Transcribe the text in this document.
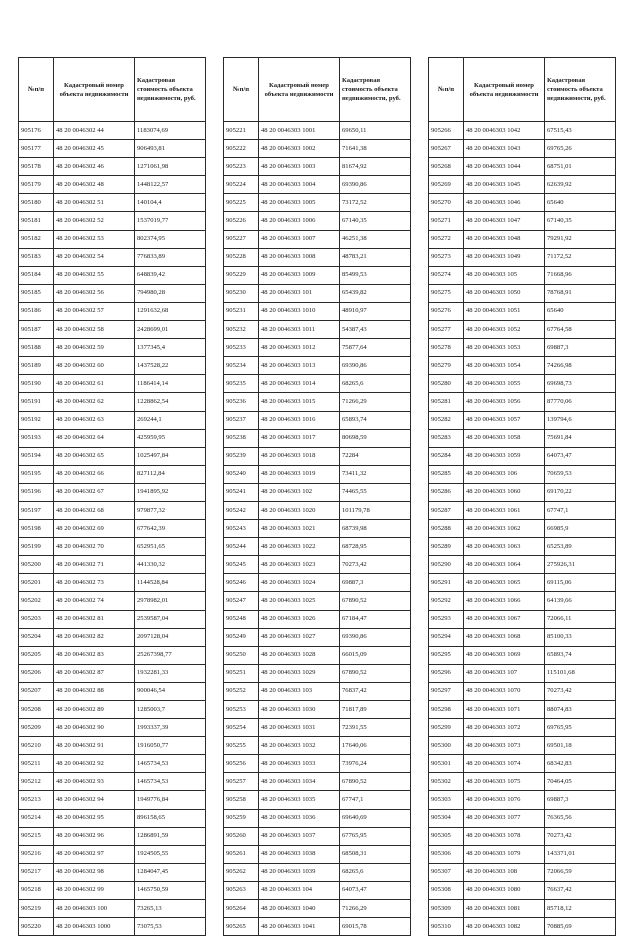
№п/п	Кадастровый номер объекта недвижимости	Кадастровая стоимость объекта недвижимости, руб.
905176	48 20 0046302 44	1183074,69
905177	48 20 0046302 45	906493,81
905178	48 20 0046302 46	1271061,98
905179	48 20 0046302 48	1448122,57
905180	48 20 0046302 51	140104,4
905181	48 20 0046302 52	1537019,77
905182	48 20 0046302 53	802374,95
905183	48 20 0046302 54	776833,89
905184	48 20 0046302 55	648839,42
905185	48 20 0046302 56	794980,28
905186	48 20 0046302 57	1291632,68
905187	48 20 0046302 58	2428699,01
905188	48 20 0046302 59	1377345,4
905189	48 20 0046302 60	1437528,22
905190	48 20 0046302 61	1186414,14
905191	48 20 0046302 62	1228862,54
905192	48 20 0046302 63	269244,1
905193	48 20 0046302 64	425959,95
905194	48 20 0046302 65	1025497,84
905195	48 20 0046302 66	827112,84
905196	48 20 0046302 67	1941895,92
905197	48 20 0046302 68	979877,32
905198	48 20 0046302 69	677642,39
905199	48 20 0046302 70	652951,65
905200	48 20 0046302 71	441330,32
905201	48 20 0046302 73	1144528,84
905202	48 20 0046302 74	2978982,01
905203	48 20 0046302 81	2539587,04
905204	48 20 0046302 82	2097128,04
905205	48 20 0046302 83	25267398,77
905206	48 20 0046302 87	1932281,33
905207	48 20 0046302 88	900046,54
905208	48 20 0046302 89	1285003,7
905209	48 20 0046302 90	1993337,39
905210	48 20 0046302 91	1916050,77
905211	48 20 0046302 92	1465734,53
905212	48 20 0046302 93	1465734,53
905213	48 20 0046302 94	1949776,84
905214	48 20 0046302 95	896158,65
905215	48 20 0046302 96	1286891,59
905216	48 20 0046302 97	1924505,55
905217	48 20 0046302 98	1284047,45
905218	48 20 0046302 99	1465750,59
905219	48 20 0046303 100	73265,13
905220	48 20 0046303 1000	73075,53
№п/п	Кадастровый номер объекта недвижимости	Кадастровая стоимость объекта недвижимости, руб.
905221	48 20 0046303 1001	69650,11
905222	48 20 0046303 1002	71641,38
905223	48 20 0046303 1003	81674,92
905224	48 20 0046303 1004	69390,86
905225	48 20 0046303 1005	73172,52
905226	48 20 0046303 1006	67140,35
905227	48 20 0046303 1007	46251,38
905228	48 20 0046303 1008	48783,21
905229	48 20 0046303 1009	85499,53
905230	48 20 0046303 101	65439,82
905231	48 20 0046303 1010	48910,97
905232	48 20 0046303 1011	54387,43
905233	48 20 0046303 1012	75877,64
905234	48 20 0046303 1013	69390,86
905235	48 20 0046303 1014	68265,6
905236	48 20 0046303 1015	71266,29
905237	48 20 0046303 1016	65893,74
905238	48 20 0046303 1017	80698,59
905239	48 20 0046303 1018	72284
905240	48 20 0046303 1019	73411,32
905241	48 20 0046303 102	74465,55
905242	48 20 0046303 1020	101179,78
905243	48 20 0046303 1021	68739,98
905244	48 20 0046303 1022	68728,95
905245	48 20 0046303 1023	70273,42
905246	48 20 0046303 1024	69887,3
905247	48 20 0046303 1025	67890,52
905248	48 20 0046303 1026	67184,47
905249	48 20 0046303 1027	69390,86
905250	48 20 0046303 1028	66015,09
905251	48 20 0046303 1029	67890,52
905252	48 20 0046303 103	76837,42
905253	48 20 0046303 1030	71817,89
905254	48 20 0046303 1031	72391,55
905255	48 20 0046303 1032	17640,06
905256	48 20 0046303 1033	73976,24
905257	48 20 0046303 1034	67890,52
905258	48 20 0046303 1035	67747,1
905259	48 20 0046303 1036	69640,69
905260	48 20 0046303 1037	67765,95
905261	48 20 0046303 1038	68508,31
905262	48 20 0046303 1039	68265,6
905263	48 20 0046303 104	64073,47
905264	48 20 0046303 1040	71266,29
905265	48 20 0046303 1041	69015,78
№п/п	Кадастровый номер объекта недвижимости	Кадастровая стоимость объекта недвижимости, руб.
905266	48 20 0046303 1042	67515,43
905267	48 20 0046303 1043	69765,26
905268	48 20 0046303 1044	68751,01
905269	48 20 0046303 1045	62639,92
905270	48 20 0046303 1046	65640
905271	48 20 0046303 1047	67140,35
905272	48 20 0046303 1048	79291,92
905273	48 20 0046303 1049	71172,52
905274	48 20 0046303 105	71668,96
905275	48 20 0046303 1050	78768,91
905276	48 20 0046303 1051	65640
905277	48 20 0046303 1052	67764,58
905278	48 20 0046303 1053	69887,3
905279	48 20 0046303 1054	74266,98
905280	48 20 0046303 1055	69698,73
905281	48 20 0046303 1056	87770,06
905282	48 20 0046303 1057	139794,6
905283	48 20 0046303 1058	75691,84
905284	48 20 0046303 1059	64073,47
905285	48 20 0046303 106	70659,53
905286	48 20 0046303 1060	69170,22
905287	48 20 0046303 1061	67747,1
905288	48 20 0046303 1062	66985,9
905289	48 20 0046303 1063	65253,89
905290	48 20 0046303 1064	275926,31
905291	48 20 0046303 1065	69115,06
905292	48 20 0046303 1066	64139,66
905293	48 20 0046303 1067	72066,11
905294	48 20 0046303 1068	85100,33
905295	48 20 0046303 1069	65893,74
905296	48 20 0046303 107	115101,68
905297	48 20 0046303 1070	70273,42
905298	48 20 0046303 1071	88074,83
905299	48 20 0046303 1072	69765,95
905300	48 20 0046303 1073	69501,18
905301	48 20 0046303 1074	68342,83
905302	48 20 0046303 1075	70464,05
905303	48 20 0046303 1076	69887,3
905304	48 20 0046303 1077	76365,56
905305	48 20 0046303 1078	70273,42
905306	48 20 0046303 1079	143371,01
905307	48 20 0046303 108	72066,59
905308	48 20 0046303 1080	76637,42
905309	48 20 0046303 1081	85718,12
905310	48 20 0046303 1082	70885,69
